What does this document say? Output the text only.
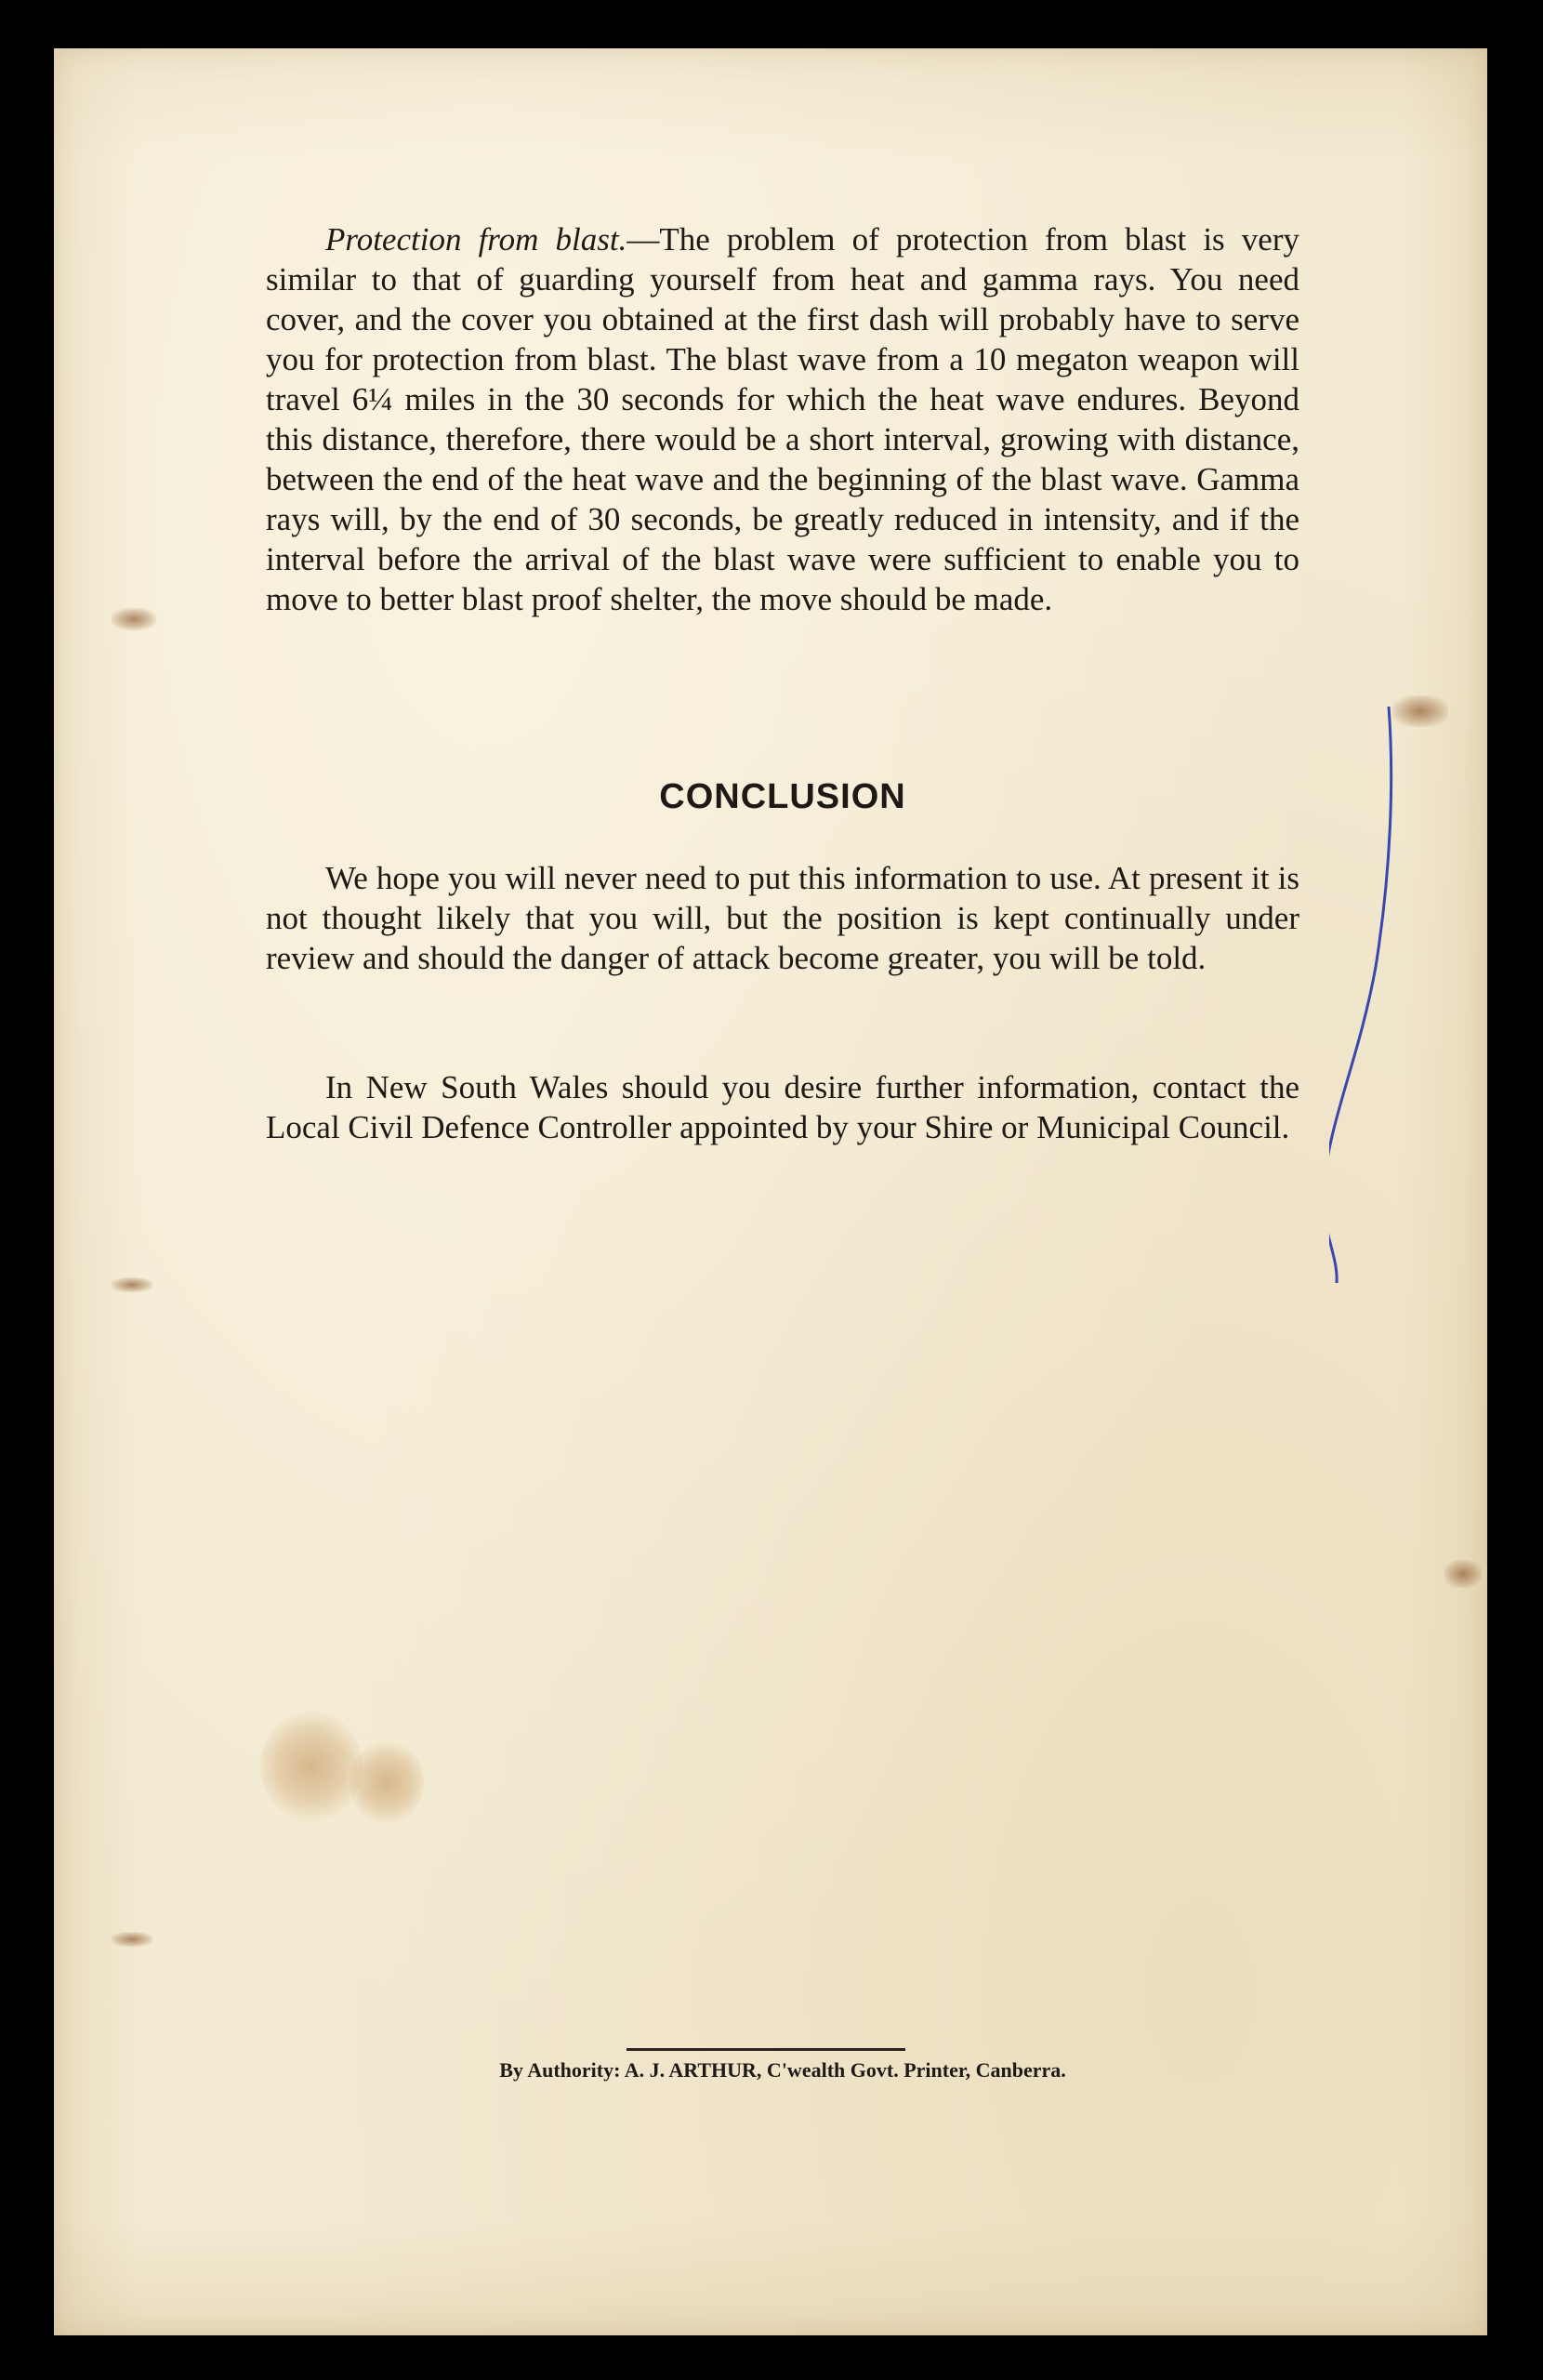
Protection from blast.—The problem of protection from blast is very similar to that of guarding yourself from heat and gamma rays. You need cover, and the cover you obtained at the first dash will probably have to serve you for protection from blast. The blast wave from a 10 megaton weapon will travel 6¼ miles in the 30 seconds for which the heat wave endures. Beyond this distance, therefore, there would be a short interval, growing with distance, between the end of the heat wave and the beginning of the blast wave. Gamma rays will, by the end of 30 seconds, be greatly reduced in intensity, and if the interval before the arrival of the blast wave were sufficient to enable you to move to better blast proof shelter, the move should be made.

CONCLUSION

We hope you will never need to put this information to use. At present it is not thought likely that you will, but the position is kept continually under review and should the danger of attack become greater, you will be told.

In New South Wales should you desire further information, contact the Local Civil Defence Controller appointed by your Shire or Municipal Council.

By Authority: A. J. ARTHUR, C'wealth Govt. Printer, Canberra.
